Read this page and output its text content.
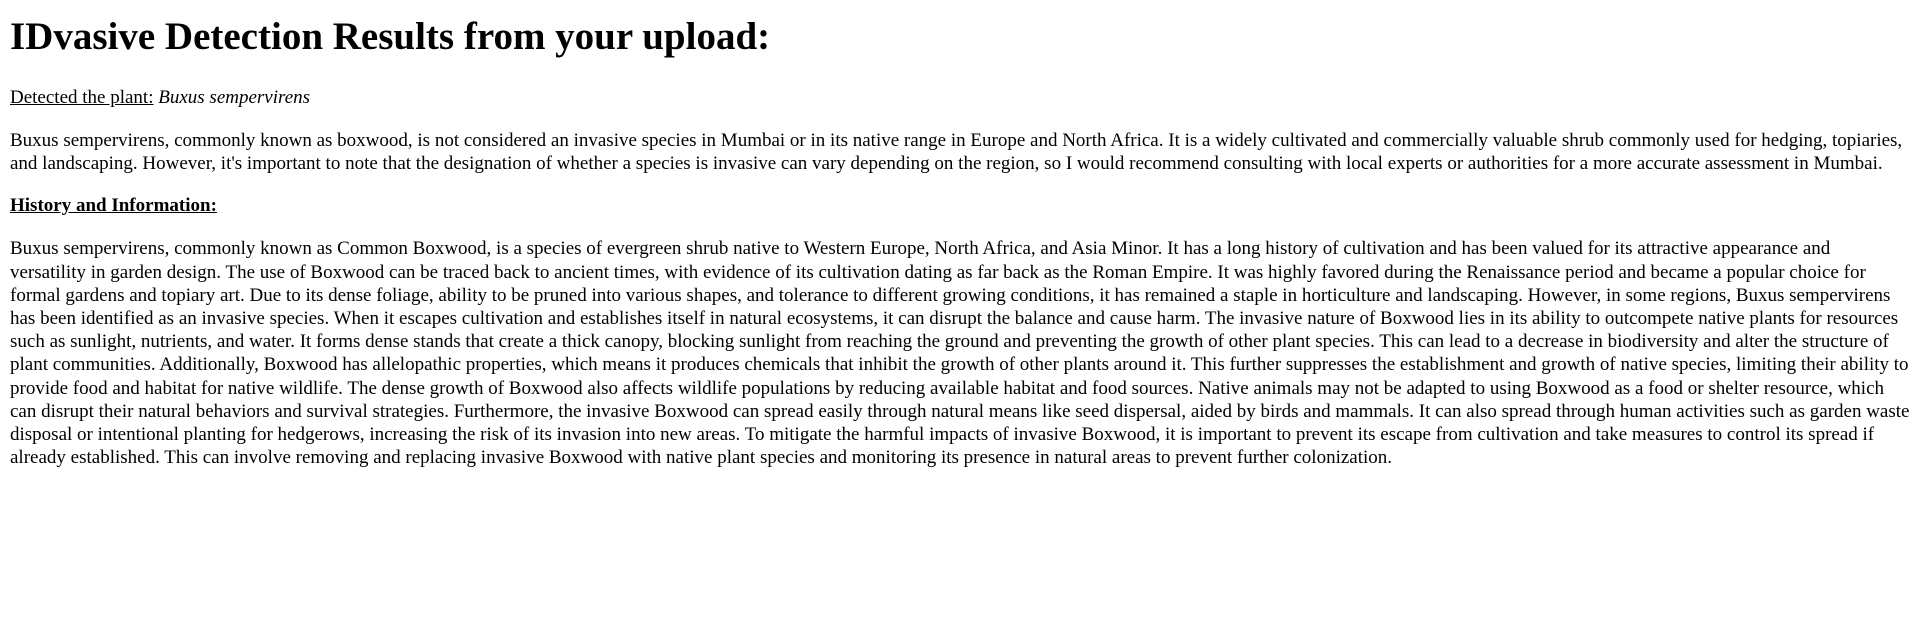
IDvasive Detection Results from your upload:
Detected the plant: Buxus sempervirens

Buxus sempervirens, commonly known as boxwood, is not considered an invasive species in Mumbai or in its native range in Europe and North Africa. It is a widely cultivated and commercially valuable shrub commonly used for hedging, topiaries, and landscaping. However, it's important to note that the designation of whether a species is invasive can vary depending on the region, so I would recommend consulting with local experts or authorities for a more accurate assessment in Mumbai.

History and Information:

Buxus sempervirens, commonly known as Common Boxwood, is a species of evergreen shrub native to Western Europe, North Africa, and Asia Minor. It has a long history of cultivation and has been valued for its attractive appearance and versatility in garden design. The use of Boxwood can be traced back to ancient times, with evidence of its cultivation dating as far back as the Roman Empire. It was highly favored during the Renaissance period and became a popular choice for formal gardens and topiary art. Due to its dense foliage, ability to be pruned into various shapes, and tolerance to different growing conditions, it has remained a staple in horticulture and landscaping. However, in some regions, Buxus sempervirens has been identified as an invasive species. When it escapes cultivation and establishes itself in natural ecosystems, it can disrupt the balance and cause harm. The invasive nature of Boxwood lies in its ability to outcompete native plants for resources such as sunlight, nutrients, and water. It forms dense stands that create a thick canopy, blocking sunlight from reaching the ground and preventing the growth of other plant species. This can lead to a decrease in biodiversity and alter the structure of plant communities. Additionally, Boxwood has allelopathic properties, which means it produces chemicals that inhibit the growth of other plants around it. This further suppresses the establishment and growth of native species, limiting their ability to provide food and habitat for native wildlife. The dense growth of Boxwood also affects wildlife populations by reducing available habitat and food sources. Native animals may not be adapted to using Boxwood as a food or shelter resource, which can disrupt their natural behaviors and survival strategies. Furthermore, the invasive Boxwood can spread easily through natural means like seed dispersal, aided by birds and mammals. It can also spread through human activities such as garden waste disposal or intentional planting for hedgerows, increasing the risk of its invasion into new areas. To mitigate the harmful impacts of invasive Boxwood, it is important to prevent its escape from cultivation and take measures to control its spread if already established. This can involve removing and replacing invasive Boxwood with native plant species and monitoring its presence in natural areas to prevent further colonization.
